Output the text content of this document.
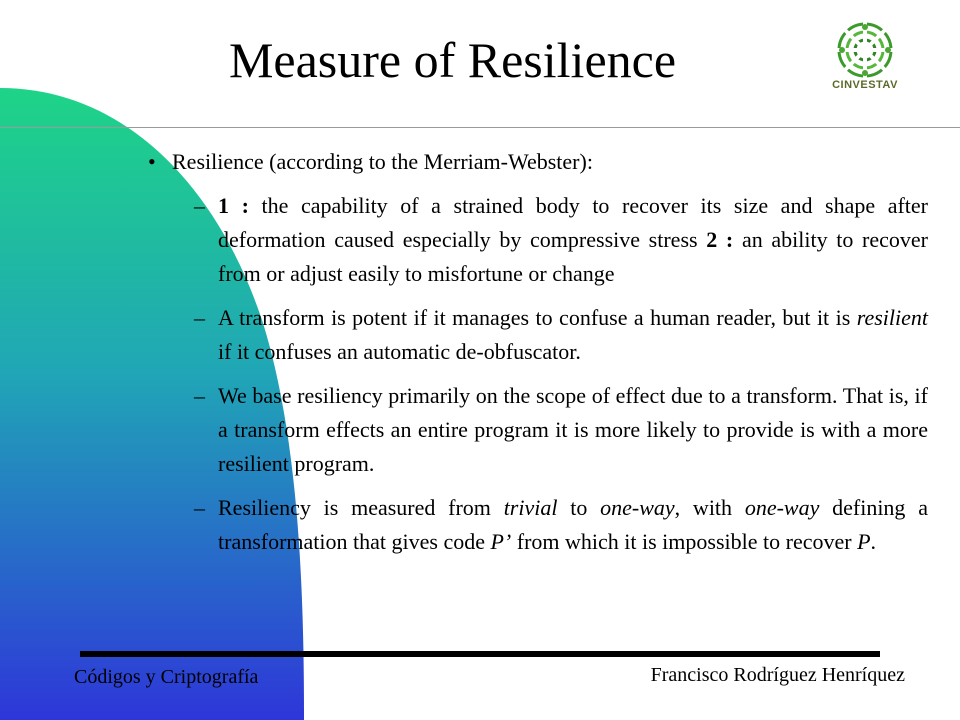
Measure of Resilience	CINVESTAV
• Resilience (according to the Merriam-Webster):
– 1 : the capability of a strained body to recover its size and shape after deformation caused especially by compressive stress 2 : an ability to recover from or adjust easily to misfortune or change
– A transform is potent if it manages to confuse a human reader, but it is resilient if it confuses an automatic de-obfuscator.
– We base resiliency primarily on the scope of effect due to a transform. That is, if a transform effects an entire program it is more likely to provide is with a more resilient program.
– Resiliency is measured from trivial to one-way, with one-way defining a transformation that gives code P’ from which it is impossible to recover P.
Códigos y Criptografía	Francisco Rodríguez Henríquez
